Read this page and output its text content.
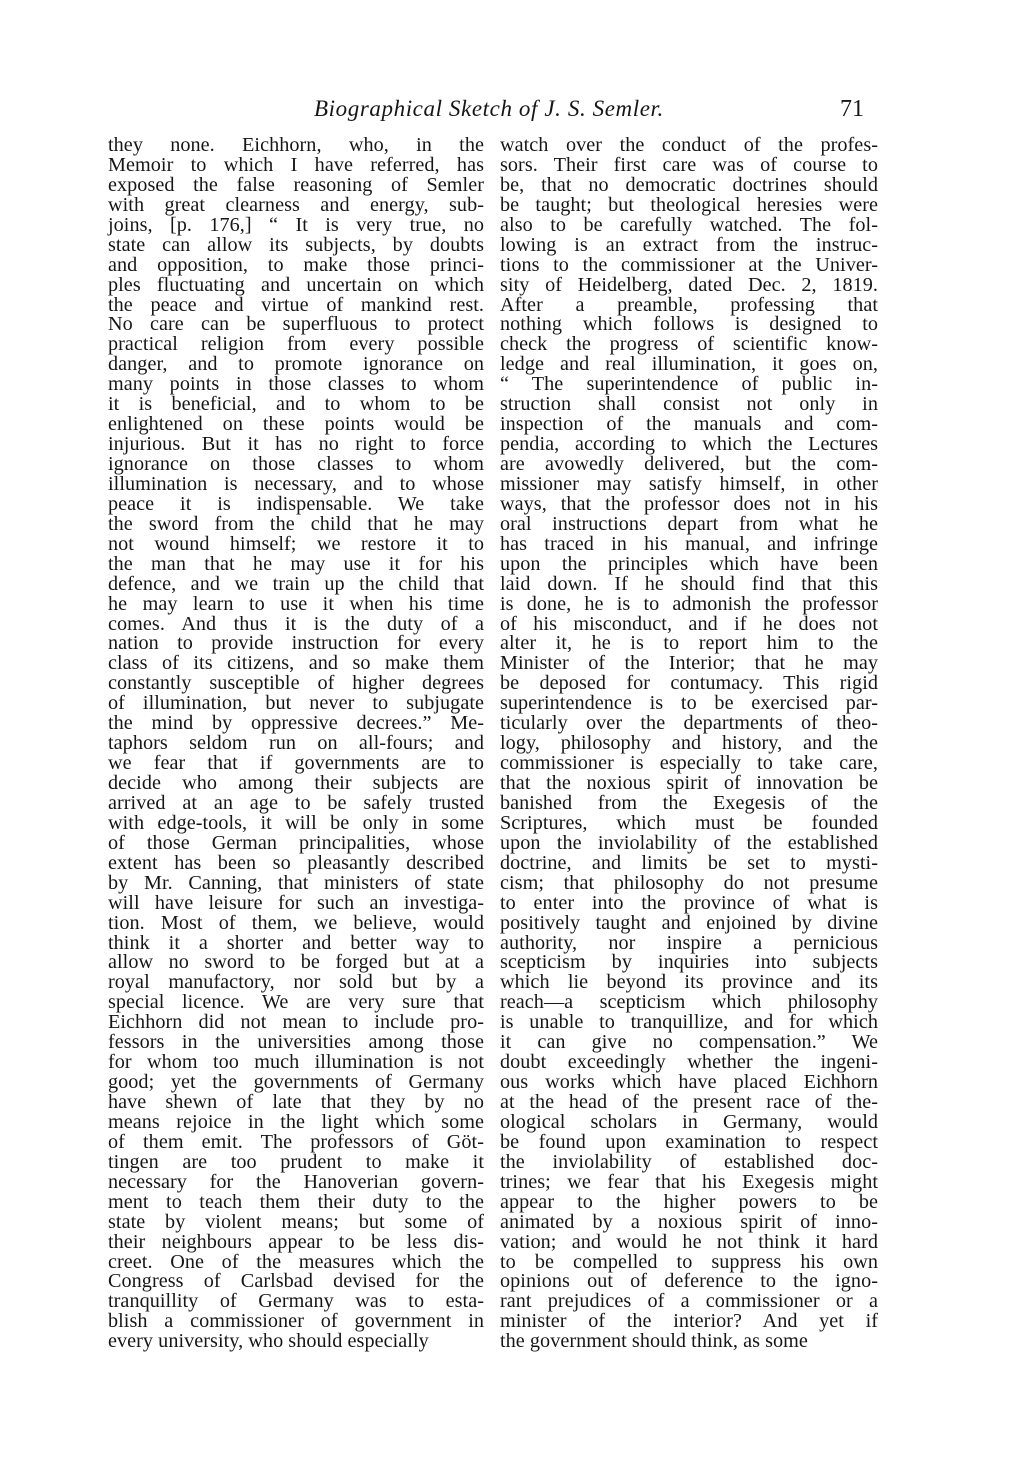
Biographical Sketch of J. S. Semler.	71
they none. Eichhorn, who, in the
Memoir to which I have referred, has
exposed the false reasoning of Semler
with great clearness and energy, sub-
joins, [p. 176,] “ It is very true, no
state can allow its subjects, by doubts
and opposition, to make those princi-
ples fluctuating and uncertain on which
the peace and virtue of mankind rest.
No care can be superfluous to protect
practical religion from every possible
danger, and to promote ignorance on
many points in those classes to whom
it is beneficial, and to whom to be
enlightened on these points would be
injurious. But it has no right to force
ignorance on those classes to whom
illumination is necessary, and to whose
peace it is indispensable. We take
the sword from the child that he may
not wound himself; we restore it to
the man that he may use it for his
defence, and we train up the child that
he may learn to use it when his time
comes. And thus it is the duty of a
nation to provide instruction for every
class of its citizens, and so make them
constantly susceptible of higher degrees
of illumination, but never to subjugate
the mind by oppressive decrees.” Me-
taphors seldom run on all-fours; and
we fear that if governments are to
decide who among their subjects are
arrived at an age to be safely trusted
with edge-tools, it will be only in some
of those German principalities, whose
extent has been so pleasantly described
by Mr. Canning, that ministers of state
will have leisure for such an investiga-
tion. Most of them, we believe, would
think it a shorter and better way to
allow no sword to be forged but at a
royal manufactory, nor sold but by a
special licence. We are very sure that
Eichhorn did not mean to include pro-
fessors in the universities among those
for whom too much illumination is not
good; yet the governments of Germany
have shewn of late that they by no
means rejoice in the light which some
of them emit. The professors of Göt-
tingen are too prudent to make it
necessary for the Hanoverian govern-
ment to teach them their duty to the
state by violent means; but some of
their neighbours appear to be less dis-
creet. One of the measures which the
Congress of Carlsbad devised for the
tranquillity of Germany was to esta-
blish a commissioner of government in
every university, who should especially
watch over the conduct of the profes-
sors. Their first care was of course to
be, that no democratic doctrines should
be taught; but theological heresies were
also to be carefully watched. The fol-
lowing is an extract from the instruc-
tions to the commissioner at the Univer-
sity of Heidelberg, dated Dec. 2, 1819.
After a preamble, professing that
nothing which follows is designed to
check the progress of scientific know-
ledge and real illumination, it goes on,
“ The superintendence of public in-
struction shall consist not only in
inspection of the manuals and com-
pendia, according to which the Lectures
are avowedly delivered, but the com-
missioner may satisfy himself, in other
ways, that the professor does not in his
oral instructions depart from what he
has traced in his manual, and infringe
upon the principles which have been
laid down. If he should find that this
is done, he is to admonish the professor
of his misconduct, and if he does not
alter it, he is to report him to the
Minister of the Interior; that he may
be deposed for contumacy. This rigid
superintendence is to be exercised par-
ticularly over the departments of theo-
logy, philosophy and history, and the
commissioner is especially to take care,
that the noxious spirit of innovation be
banished from the Exegesis of the
Scriptures, which must be founded
upon the inviolability of the established
doctrine, and limits be set to mysti-
cism; that philosophy do not presume
to enter into the province of what is
positively taught and enjoined by divine
authority, nor inspire a pernicious
scepticism by inquiries into subjects
which lie beyond its province and its
reach—a scepticism which philosophy
is unable to tranquillize, and for which
it can give no compensation.” We
doubt exceedingly whether the ingeni-
ous works which have placed Eichhorn
at the head of the present race of the-
ological scholars in Germany, would
be found upon examination to respect
the inviolability of established doc-
trines; we fear that his Exegesis might
appear to the higher powers to be
animated by a noxious spirit of inno-
vation; and would he not think it hard
to be compelled to suppress his own
opinions out of deference to the igno-
rant prejudices of a commissioner or a
minister of the interior? And yet if
the government should think, as some
